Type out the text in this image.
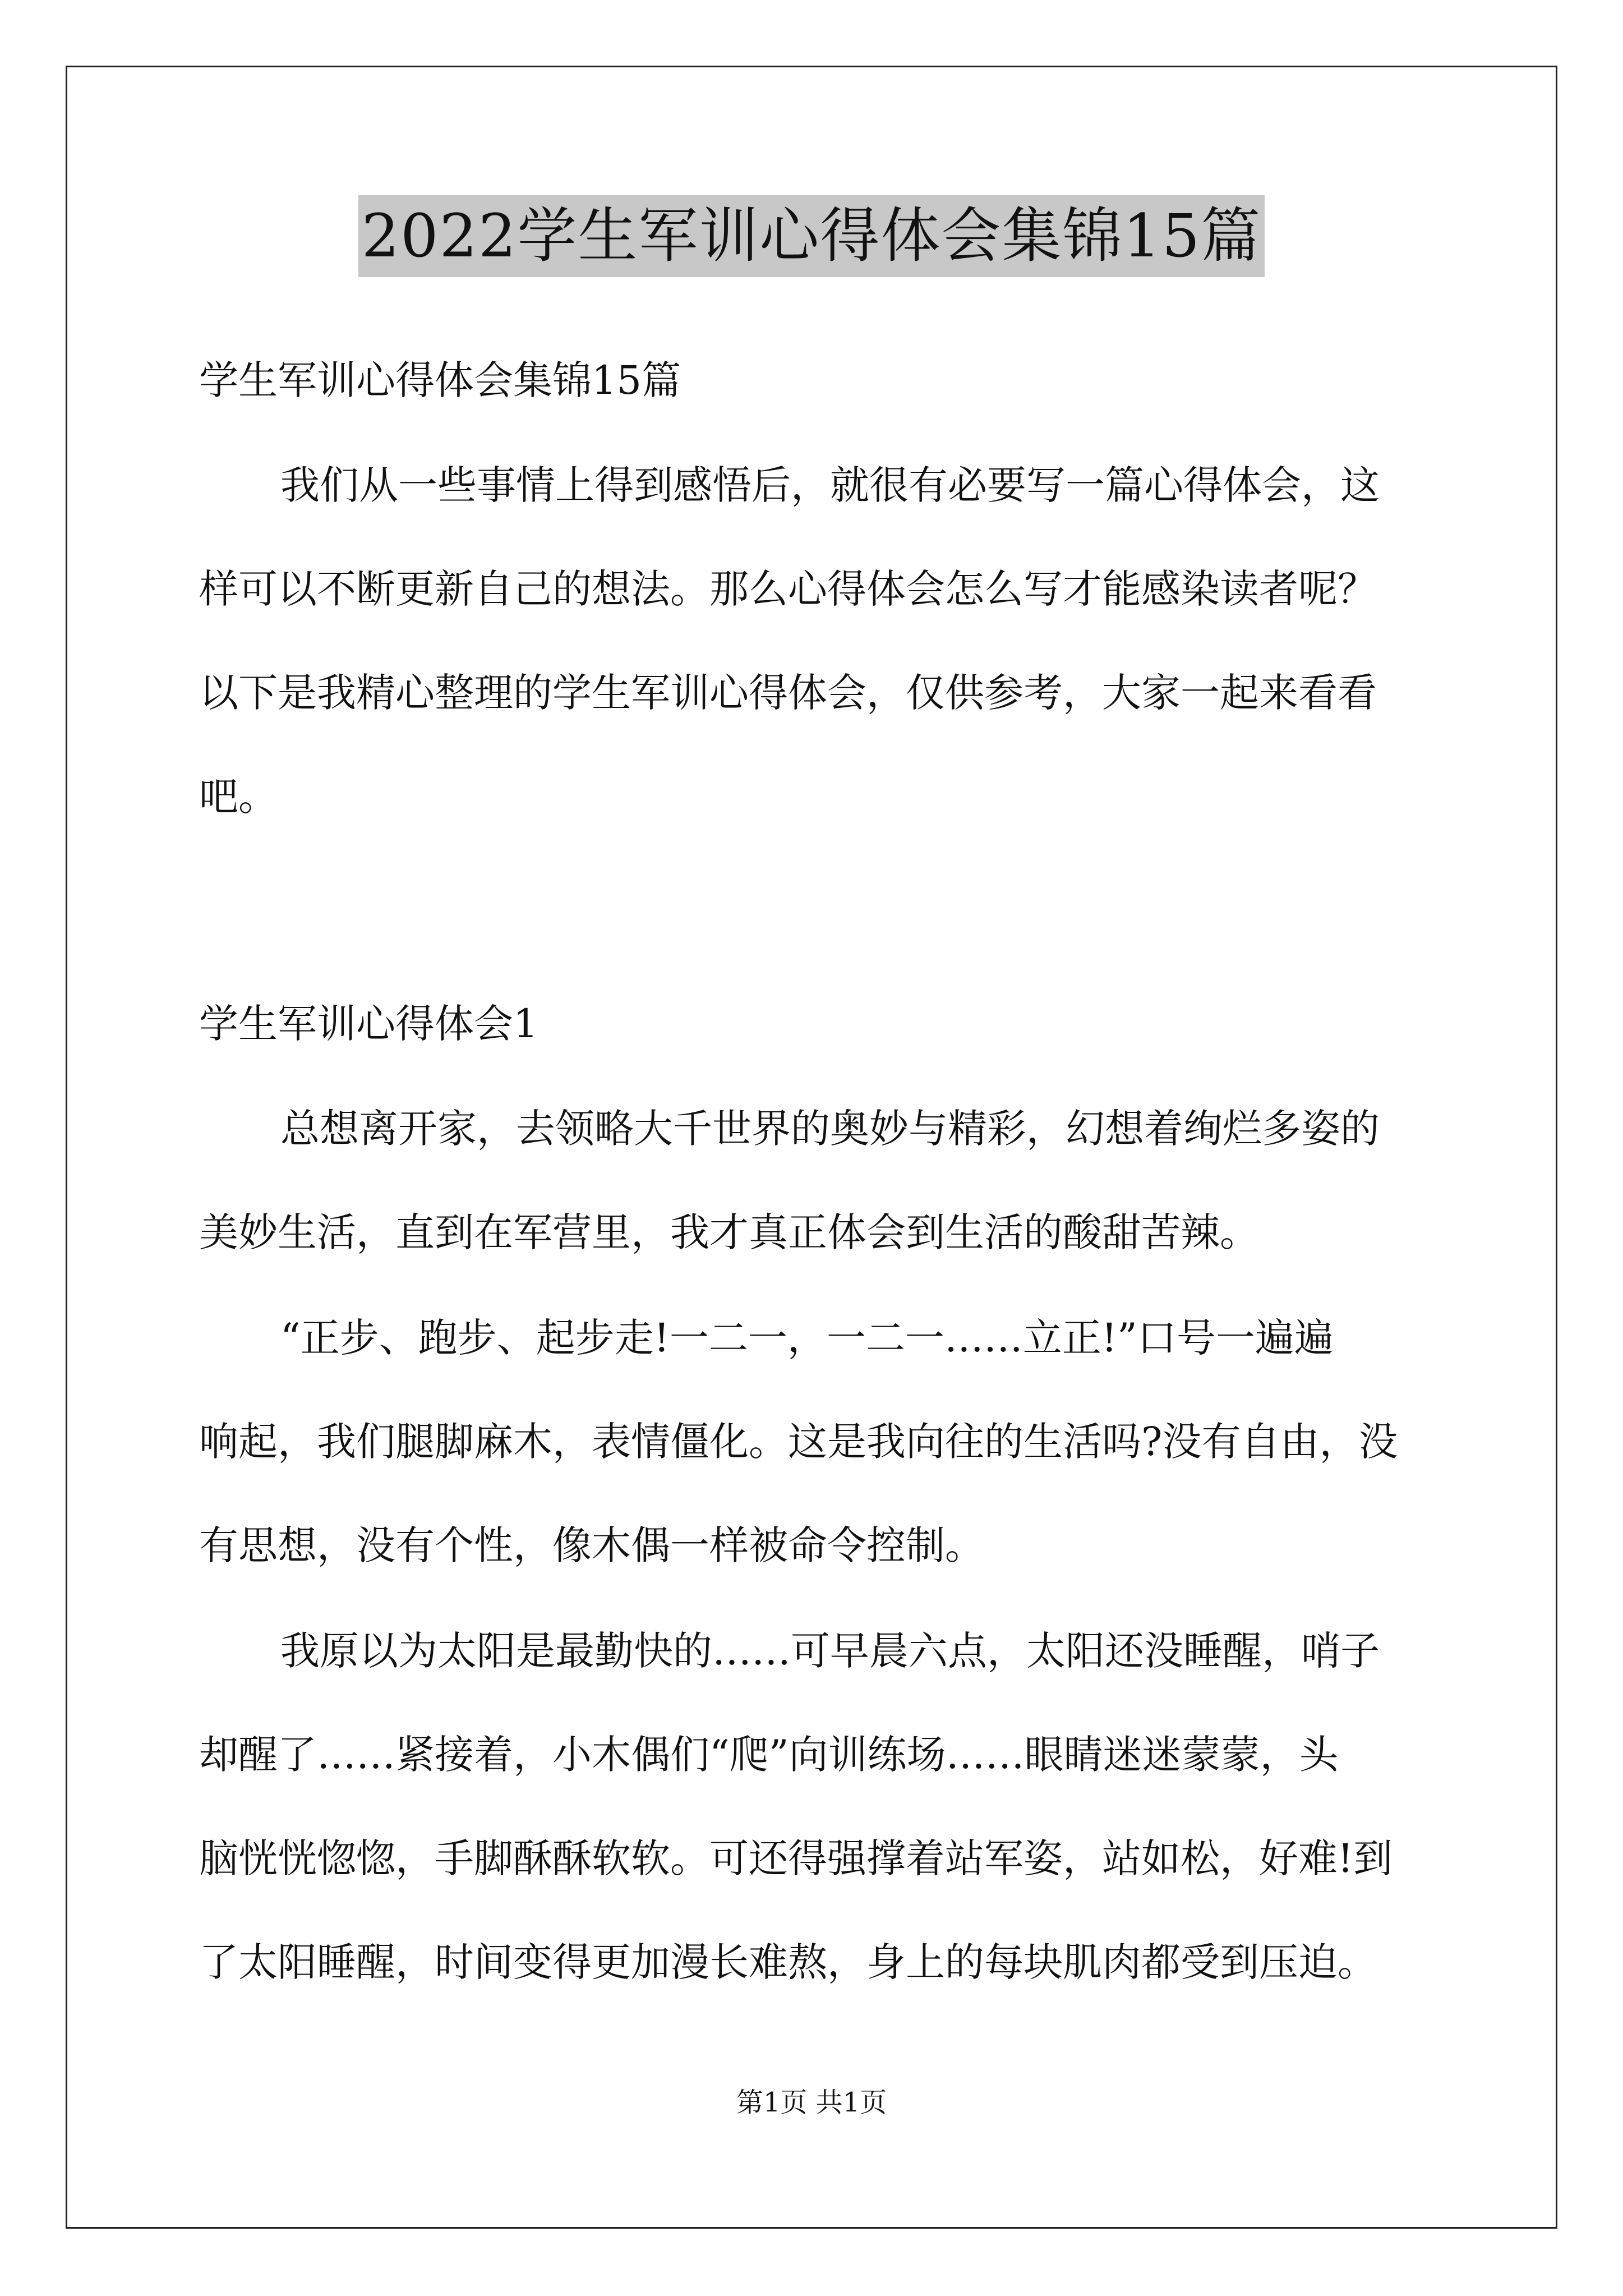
2022学生军训心得体会集锦15篇
学生军训心得体会集锦15篇
我们从一些事情上得到感悟后，就很有必要写一篇心得体会，这
样可以不断更新自己的想法。那么心得体会怎么写才能感染读者呢？
以下是我精心整理的学生军训心得体会，仅供参考，大家一起来看看
吧。
学生军训心得体会1
总想离开家，去领略大千世界的奥妙与精彩，幻想着绚烂多姿的
美妙生活，直到在军营里，我才真正体会到生活的酸甜苦辣。
“正步、跑步、起步走!一二一，一二一……立正!”口号一遍遍
响起，我们腿脚麻木，表情僵化。这是我向往的生活吗?没有自由，没
有思想，没有个性，像木偶一样被命令控制。
我原以为太阳是最勤快的……可早晨六点，太阳还没睡醒，哨子
却醒了……紧接着，小木偶们“爬”向训练场……眼睛迷迷蒙蒙，头
脑恍恍惚惚，手脚酥酥软软。可还得强撑着站军姿，站如松，好难!到
了太阳睡醒，时间变得更加漫长难熬，身上的每块肌肉都受到压迫。
第1页 共1页
